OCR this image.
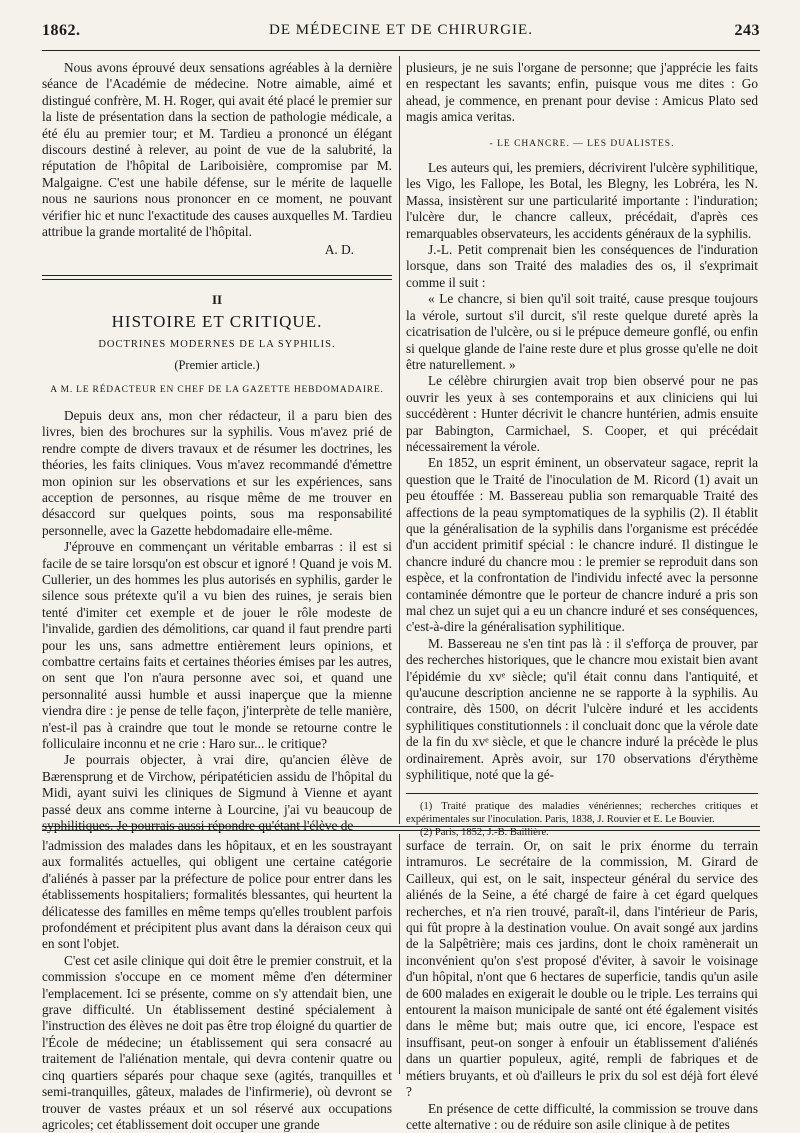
1862.	DE MÉDECINE ET DE CHIRURGIE.	243

Nous avons éprouvé deux sensations agréables à la dernière séance de l'Académie de médecine. Notre aimable, aimé et distingué confrère, M. H. Roger, qui avait été placé le premier sur la liste de présentation dans la section de pathologie médicale, a été élu au premier tour; et M. Tardieu a prononcé un élégant discours destiné à relever, au point de vue de la salubrité, la réputation de l'hôpital de Lariboisière, compromise par M. Malgaigne. C'est une habile défense, sur le mérite de laquelle nous ne saurions nous prononcer en ce moment, ne pouvant vérifier hic et nunc l'exactitude des causes auxquelles M. Tardieu attribue la grande mortalité de l'hôpital.

A. D.
II
HISTOIRE ET CRITIQUE.
DOCTRINES MODERNES DE LA SYPHILIS.
(Premier article.)
A M. LE RÉDACTEUR EN CHEF DE LA GAZETTE HEBDOMADAIRE.

Depuis deux ans, mon cher rédacteur, il a paru bien des livres, bien des brochures sur la syphilis. Vous m'avez prié de rendre compte de divers travaux et de résumer les doctrines, les théories, les faits cliniques. Vous m'avez recommandé d'émettre mon opinion sur les observations et sur les expériences, sans acception de personnes, au risque même de me trouver en désaccord sur quelques points, sous ma responsabilité personnelle, avec la Gazette hebdomadaire elle-même.

J'éprouve en commençant un véritable embarras : il est si facile de se taire lorsqu'on est obscur et ignoré ! Quand je vois M. Cullerier, un des hommes les plus autorisés en syphilis, garder le silence sous prétexte qu'il a vu bien des ruines, je serais bien tenté d'imiter cet exemple et de jouer le rôle modeste de l'invalide, gardien des démolitions, car quand il faut prendre parti pour les uns, sans admettre entièrement leurs opinions, et combattre certains faits et certaines théories émises par les autres, on sent que l'on n'aura personne avec soi, et quand une personnalité aussi humble et aussi inaperçue que la mienne viendra dire : je pense de telle façon, j'interprète de telle manière, n'est-il pas à craindre que tout le monde se retourne contre le folliculaire inconnu et ne crie : Haro sur... le critique?

Je pourrais objecter, à vrai dire, qu'ancien élève de Bærensprung et de Virchow, péripatéticien assidu de l'hôpital du Midi, ayant suivi les cliniques de Sigmund à Vienne et ayant passé deux ans comme interne à Lourcine, j'ai vu beaucoup de syphilitiques. Je pourrais aussi répondre qu'étant l'élève de

plusieurs, je ne suis l'organe de personne; que j'apprécie les faits en respectant les savants; enfin, puisque vous me dites : Go ahead, je commence, en prenant pour devise : Amicus Plato sed magis amica veritas.

- LE CHANCRE. — LES DUALISTES.

Les auteurs qui, les premiers, décrivirent l'ulcère syphilitique, les Vigo, les Fallope, les Botal, les Blegny, les Lobréra, les N. Massa, insistèrent sur une particularité importante : l'induration; l'ulcère dur, le chancre calleux, précédait, d'après ces remarquables observateurs, les accidents généraux de la syphilis.

J.-L. Petit comprenait bien les conséquences de l'induration lorsque, dans son Traité des maladies des os, il s'exprimait comme il suit :

« Le chancre, si bien qu'il soit traité, cause presque toujours la vérole, surtout s'il durcit, s'il reste quelque dureté après la cicatrisation de l'ulcère, ou si le prépuce demeure gonflé, ou enfin si quelque glande de l'aine reste dure et plus grosse qu'elle ne doit être naturellement. »

Le célèbre chirurgien avait trop bien observé pour ne pas ouvrir les yeux à ses contemporains et aux cliniciens qui lui succédèrent : Hunter décrivit le chancre huntérien, admis ensuite par Babington, Carmichael, S. Cooper, et qui précédait nécessairement la vérole.

En 1852, un esprit éminent, un observateur sagace, reprit la question que le Traité de l'inoculation de M. Ricord (1) avait un peu étouffée : M. Bassereau publia son remarquable Traité des affections de la peau symptomatiques de la syphilis (2). Il établit que la généralisation de la syphilis dans l'organisme est précédée d'un accident primitif spécial : le chancre induré. Il distingue le chancre induré du chancre mou : le premier se reproduit dans son espèce, et la confrontation de l'individu infecté avec la personne contaminée démontre que le porteur de chancre induré a pris son mal chez un sujet qui a eu un chancre induré et ses conséquences, c'est-à-dire la généralisation syphilitique.

M. Bassereau ne s'en tint pas là : il s'efforça de prouver, par des recherches historiques, que le chancre mou existait bien avant l'épidémie du xvᵉ siècle; qu'il était connu dans l'antiquité, et qu'aucune description ancienne ne se rapporte à la syphilis. Au contraire, dès 1500, on décrit l'ulcère induré et les accidents syphilitiques constitutionnels : il concluait donc que la vérole date de la fin du xvᵉ siècle, et que le chancre induré la précède le plus ordinairement. Après avoir, sur 170 observations d'érythème syphilitique, noté que la gé-

(1) Traité pratique des maladies vénériennes; recherches critiques et expérimentales sur l'inoculation. Paris, 1838, J. Rouvier et E. Le Bouvier.

(2) Paris, 1852, J.-B. Baillière.

l'admission des malades dans les hôpitaux, et en les soustrayant aux formalités actuelles, qui obligent une certaine catégorie d'aliénés à passer par la préfecture de police pour entrer dans les établissements hospitaliers; formalités blessantes, qui heurtent la délicatesse des familles en même temps qu'elles troublent parfois profondément et précipitent plus avant dans la déraison ceux qui en sont l'objet.

C'est cet asile clinique qui doit être le premier construit, et la commission s'occupe en ce moment même d'en déterminer l'emplacement. Ici se présente, comme on s'y attendait bien, une grave difficulté. Un établissement destiné spécialement à l'instruction des élèves ne doit pas être trop éloigné du quartier de l'École de médecine; un établissement qui sera consacré au traitement de l'aliénation mentale, qui devra contenir quatre ou cinq quartiers séparés pour chaque sexe (agités, tranquilles et semi-tranquilles, gâteux, malades de l'infirmerie), où devront se trouver de vastes préaux et un sol réservé aux occupations agricoles; cet établissement doit occuper une grande

surface de terrain. Or, on sait le prix énorme du terrain intramuros. Le secrétaire de la commission, M. Girard de Cailleux, qui est, on le sait, inspecteur général du service des aliénés de la Seine, a été chargé de faire à cet égard quelques recherches, et n'a rien trouvé, paraît-il, dans l'intérieur de Paris, qui fût propre à la destination voulue. On avait songé aux jardins de la Salpêtrière; mais ces jardins, dont le choix ramènerait un inconvénient qu'on s'est proposé d'éviter, à savoir le voisinage d'un hôpital, n'ont que 6 hectares de superficie, tandis qu'un asile de 600 malades en exigerait le double ou le triple. Les terrains qui entourent la maison municipale de santé ont été également visités dans le même but; mais outre que, ici encore, l'espace est insuffisant, peut-on songer à enfouir un établissement d'aliénés dans un quartier populeux, agité, rempli de fabriques et de métiers bruyants, et où d'ailleurs le prix du sol est déjà fort élevé ?

En présence de cette difficulté, la commission se trouve dans cette alternative : ou de réduire son asile clinique à de petites
